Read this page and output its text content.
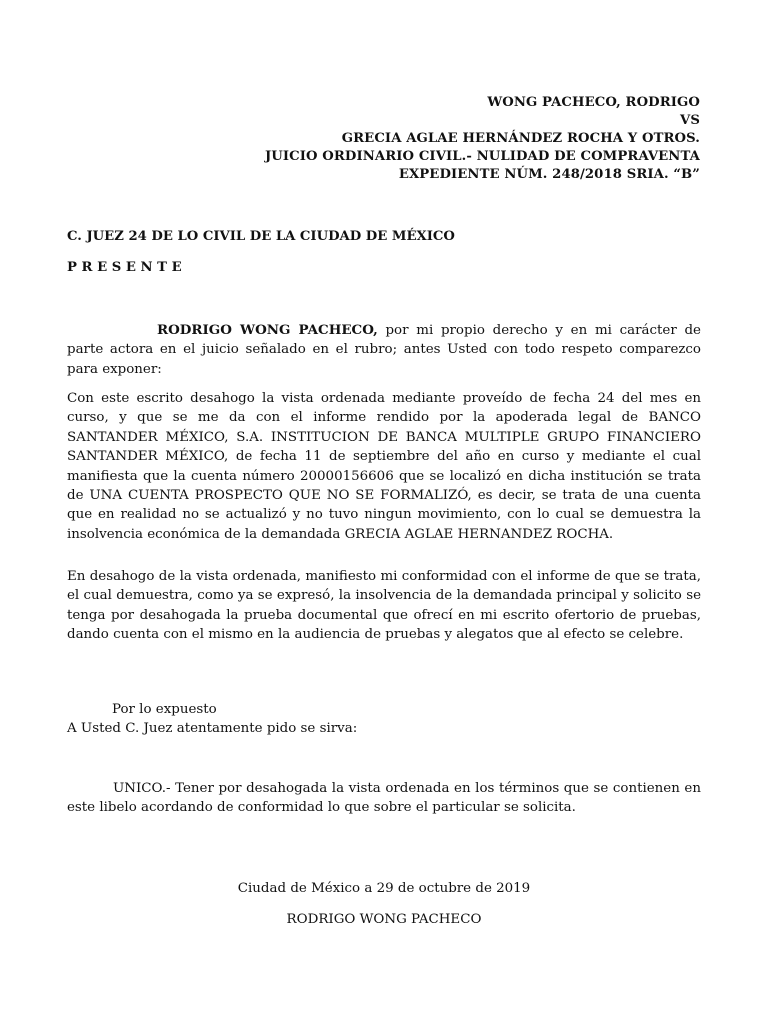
WONG PACHECO, RODRIGO
VS
GRECIA AGLAE HERNÁNDEZ ROCHA Y OTROS.
JUICIO ORDINARIO CIVIL.- NULIDAD DE COMPRAVENTA
EXPEDIENTE NÚM. 248/2018 SRIA. “B”
C. JUEZ 24 DE LO CIVIL DE LA CIUDAD DE MÉXICO
PRESENTE
RODRIGO WONG PACHECO, por mi propio derecho y en mi carácter de parte actora en el juicio señalado en el rubro; antes Usted con todo respeto comparezco para exponer:
Con este escrito desahogo la vista ordenada mediante proveído de fecha 24 del mes en curso, y que se me da con el informe rendido por la apoderada legal de BANCO SANTANDER MÉXICO, S.A. INSTITUCION DE BANCA MULTIPLE GRUPO FINANCIERO SANTANDER MÉXICO, de fecha 11 de septiembre del año en curso y mediante el cual manifiesta que la cuenta número 20000156606 que se localizó en dicha institución se trata de UNA CUENTA PROSPECTO QUE NO SE FORMALIZÓ, es decir, se trata de una cuenta que en realidad no se actualizó y no tuvo ningun movimiento, con lo cual se demuestra la insolvencia económica de la demandada GRECIA AGLAE HERNANDEZ ROCHA.
En desahogo de la vista ordenada, manifiesto mi conformidad con el informe de que se trata, el cual demuestra, como ya se expresó, la insolvencia de la demandada principal y solicito se tenga por desahogada la prueba documental que ofrecí en mi escrito ofertorio de pruebas, dando cuenta con el mismo en la audiencia de pruebas y alegatos que al efecto se celebre.
Por lo expuesto
A Usted C. Juez atentamente pido se sirva:
UNICO.- Tener por desahogada la vista ordenada en los términos que se contienen en este libelo acordando de conformidad lo que sobre el particular se solicita.
Ciudad de México a 29 de octubre de 2019
RODRIGO WONG PACHECO
